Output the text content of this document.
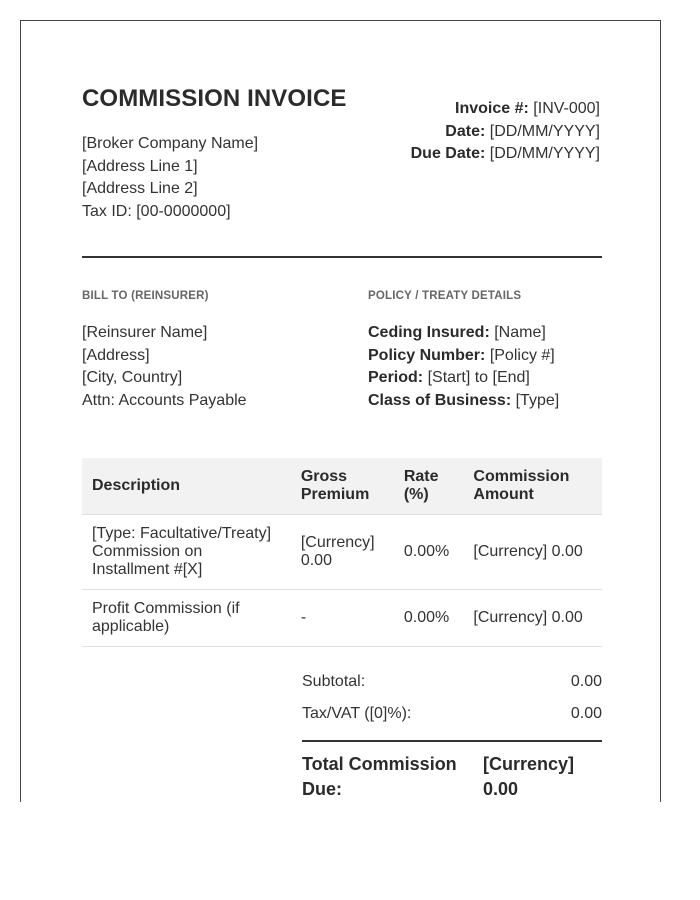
COMMISSION INVOICE
[Broker Company Name]
[Address Line 1]
[Address Line 2]
Tax ID: [00-0000000]
Invoice #: [INV-000]
Date: [DD/MM/YYYY]
Due Date: [DD/MM/YYYY]
BILL TO (REINSURER)	POLICY / TREATY DETAILS
[Reinsurer Name]
[Address]
[City, Country]
Attn: Accounts Payable
Ceding Insured: [Name]
Policy Number: [Policy #]
Period: [Start] to [End]
Class of Business: [Type]
Description	Gross Premium	Rate (%)	Commission Amount
[Type: Facultative/Treaty] Commission on Installment #[X]	[Currency] 0.00	0.00%	[Currency] 0.00
Profit Commission (if applicable)	-	0.00%	[Currency] 0.00
Subtotal:	0.00
Tax/VAT ([0]%):	0.00
Total Commission Due:
[Currency] 0.00
